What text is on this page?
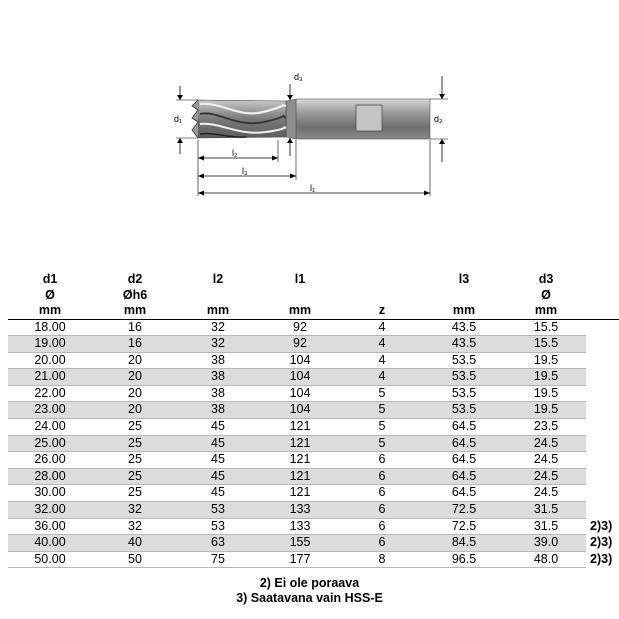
d₁
d₃
d₂
l₂
l₃
l₁
d1	d2	l2	l1		l3	d3	
Ø	Øh6					Ø	
mm	mm	mm	mm	z	mm	mm	
18.00	16	32	92	4	43.5	15.5	
19.00	16	32	92	4	43.5	15.5	
20.00	20	38	104	4	53.5	19.5	
21.00	20	38	104	4	53.5	19.5	
22.00	20	38	104	5	53.5	19.5	
23.00	20	38	104	5	53.5	19.5	
24.00	25	45	121	5	64.5	23.5	
25.00	25	45	121	5	64.5	24.5	
26.00	25	45	121	6	64.5	24.5	
28.00	25	45	121	6	64.5	24.5	
30.00	25	45	121	6	64.5	24.5	
32.00	32	53	133	6	72.5	31.5	
36.00	32	53	133	6	72.5	31.5	2)3)
40.00	40	63	155	6	84.5	39.0	2)3)
50.00	50	75	177	8	96.5	48.0	2)3)
2) Ei ole poraava
3) Saatavana vain HSS-E
